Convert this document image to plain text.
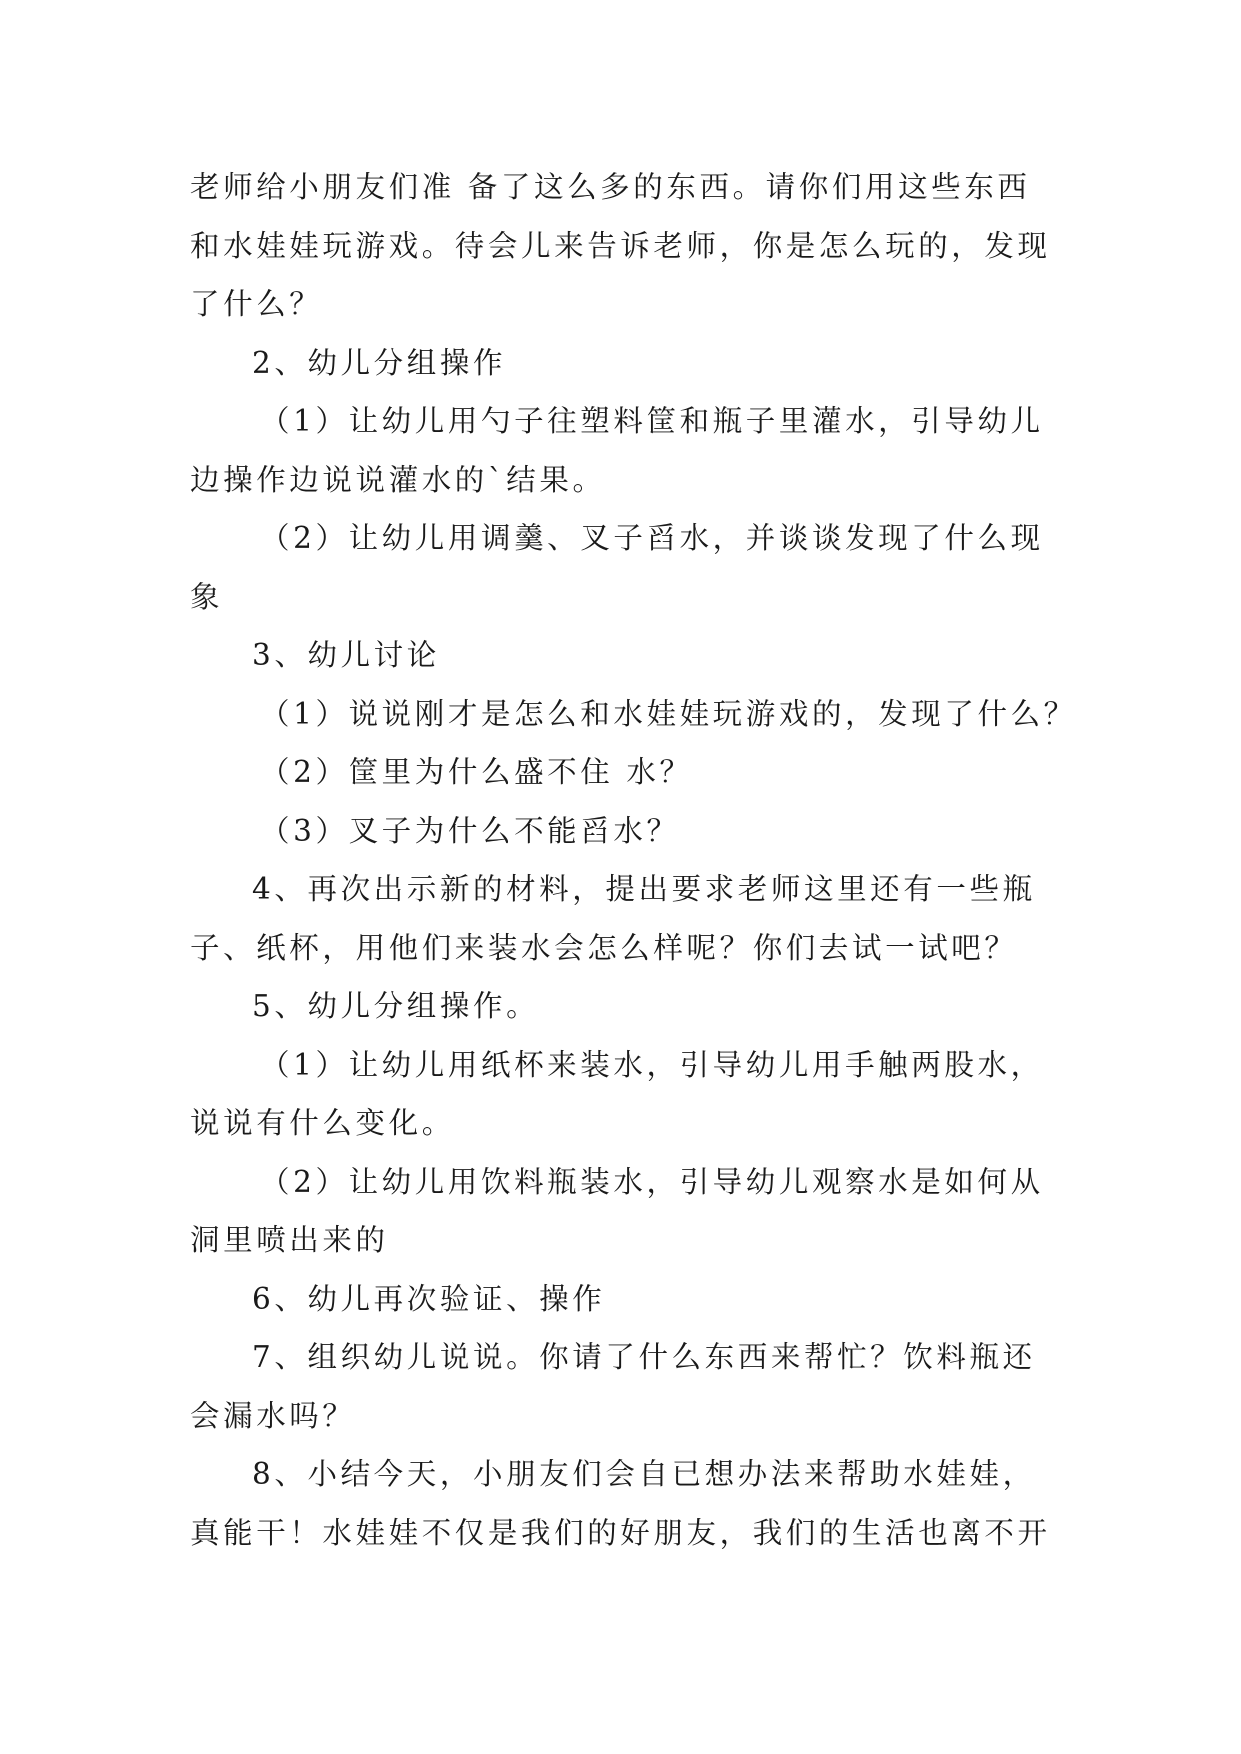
老师给小朋友们准 备了这么多的东西。请你们用这些东西
和水娃娃玩游戏。待会儿来告诉老师，你是怎么玩的，发现
了什么？
2、幼儿分组操作
（1）让幼儿用勺子往塑料筐和瓶子里灌水，引导幼儿
边操作边说说灌水的`结果。
（2）让幼儿用调羹、叉子舀水，并谈谈发现了什么现
象
3、幼儿讨论
（1）说说刚才是怎么和水娃娃玩游戏的，发现了什么？
（2）筐里为什么盛不住 水？
（3）叉子为什么不能舀水？
4、再次出示新的材料，提出要求老师这里还有一些瓶
子、纸杯，用他们来装水会怎么样呢？你们去试一试吧？
5、幼儿分组操作。
（1）让幼儿用纸杯来装水，引导幼儿用手触两股水，
说说有什么变化。
（2）让幼儿用饮料瓶装水，引导幼儿观察水是如何从
洞里喷出来的
6、幼儿再次验证、操作
7、组织幼儿说说。你请了什么东西来帮忙？饮料瓶还
会漏水吗？
8、小结今天，小朋友们会自已想办法来帮助水娃娃，
真能干！水娃娃不仅是我们的好朋友，我们的生活也离不开
